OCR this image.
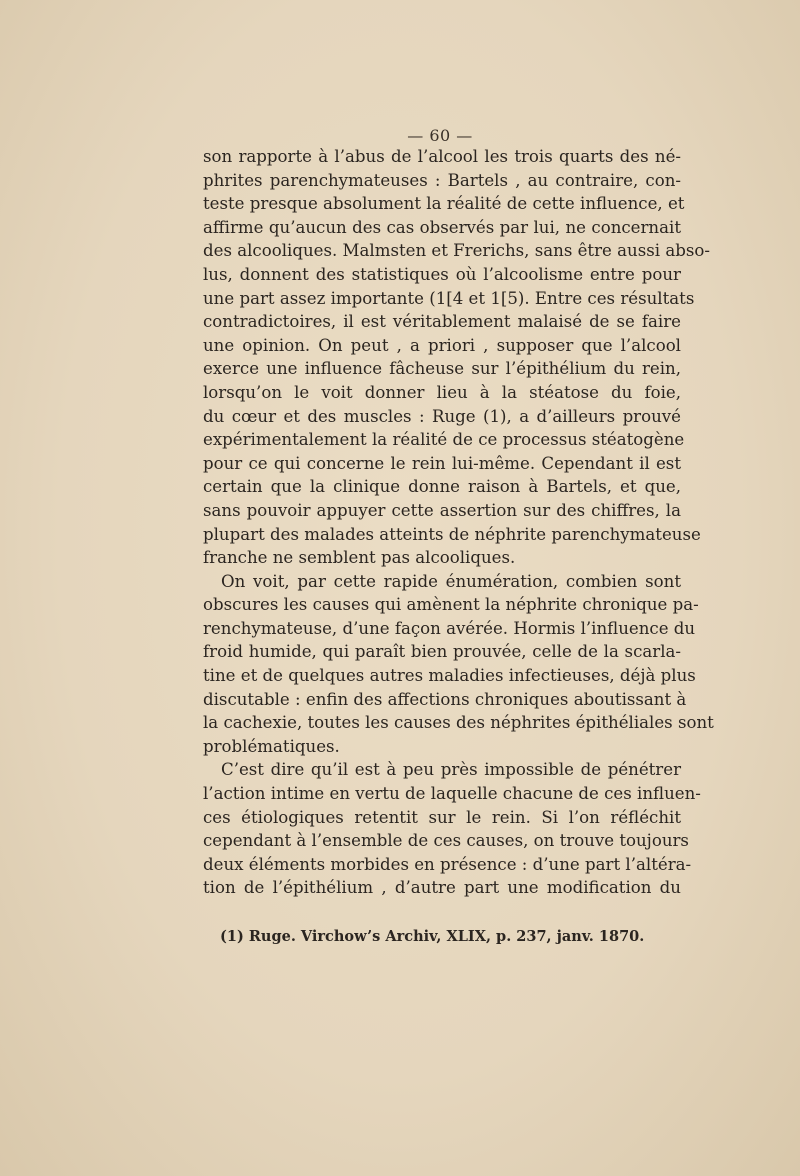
— 60 —
son rapporte à l’abus de l’alcool les trois quarts des né-
phrites parenchymateuses : Bartels , au contraire, con-
teste presque absolument la réalité de cette influence, et
affirme qu’aucun des cas observés par lui, ne concernait
des alcooliques. Malmsten et Frerichs, sans être aussi abso-
lus, donnent des statistiques où l’alcoolisme entre pour
une part assez importante (1[4 et 1[5). Entre ces résultats
contradictoires, il est véritablement malaisé de se faire
une opinion. On peut , a priori , supposer que l’alcool
exerce une influence fâcheuse sur l’épithélium du rein,
lorsqu’on le voit donner lieu à la stéatose du foie,
du cœur et des muscles : Ruge (1), a d’ailleurs prouvé
expérimentalement la réalité de ce processus stéatogène
pour ce qui concerne le rein lui-même. Cependant il est
certain que la clinique donne raison à Bartels, et que,
sans pouvoir appuyer cette assertion sur des chiffres, la
plupart des malades atteints de néphrite parenchymateuse
franche ne semblent pas alcooliques.
On voit, par cette rapide énumération, combien sont
obscures les causes qui amènent la néphrite chronique pa-
renchymateuse, d’une façon avérée. Hormis l’influence du
froid humide, qui paraît bien prouvée, celle de la scarla-
tine et de quelques autres maladies infectieuses, déjà plus
discutable : enfin des affections chroniques aboutissant à
la cachexie, toutes les causes des néphrites épithéliales sont
problématiques.
C’est dire qu’il est à peu près impossible de pénétrer
l’action intime en vertu de laquelle chacune de ces influen-
ces étiologiques retentit sur le rein. Si l’on réfléchit
cependant à l’ensemble de ces causes, on trouve toujours
deux éléments morbides en présence : d’une part l’altéra-
tion de l’épithélium , d’autre part une modification du
(1) Ruge. Virchow’s Archiv, XLIX, p. 237, janv. 1870.
